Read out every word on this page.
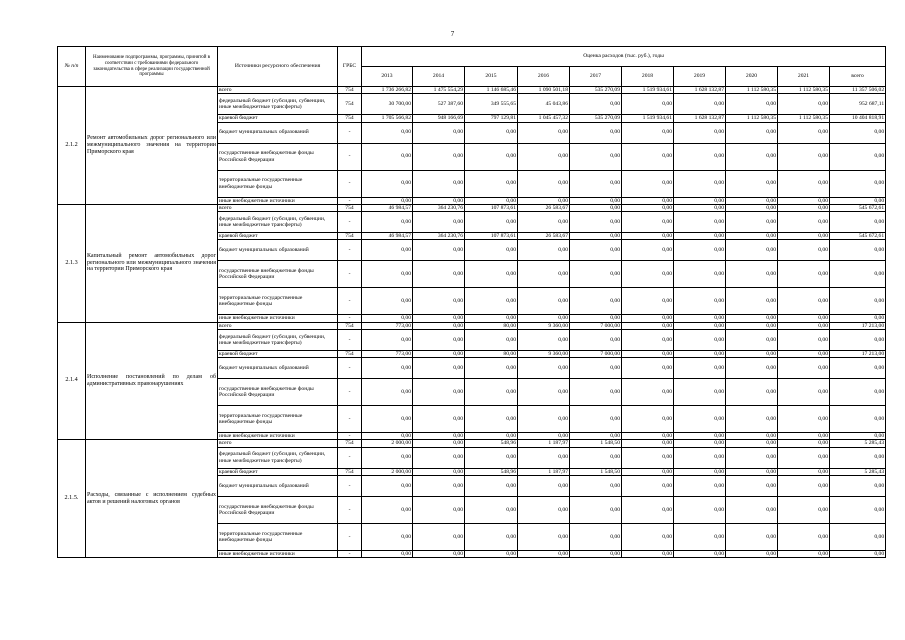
7
№ п/п	Наименование подпрограммы, программы, принятой в соответствии с требованиями федерального законодательства в сфере реализации государственной программы	Источники ресурсного обеспечения	ГРБС	Оценка расходов (тыс. руб.), годы									
				2013	2014	2015	2016	2017	2018	2019	2020	2021	всего
2.1.2	Ремонт автомобильных дорог регионального или межмуниципального значения на территории Приморского края	всего	754	1 736 266,82	1 475 554,29	1 146 685,46	1 090 501,18	535 270,09	1 519 934,61	1 628 132,87	1 112 580,35	1 112 580,35	11 357 506,02
		федеральный бюджет (субсидии, субвенции, иные межбюджетные трансферты)	754	30 700,00	527 387,60	349 555,65	45 043,86	0,00	0,00	0,00	0,00	0,00	952 687,11
		краевой бюджет	754	1 705 566,82	948 166,69	797 129,81	1 045 457,32	535 270,09	1 519 934,61	1 628 132,87	1 112 580,35	1 112 580,35	10 404 818,91
		бюджет муниципальных образований	-	0,00	0,00	0,00	0,00	0,00	0,00	0,00	0,00	0,00	0,00
		государственные внебюджетные фонды Российской Федерации	-	0,00	0,00	0,00	0,00	0,00	0,00	0,00	0,00	0,00	0,00
		территориальные государственные внебюджетные фонды	-	0,00	0,00	0,00	0,00	0,00	0,00	0,00	0,00	0,00	0,00
		иные внебюджетные источники	-	0,00	0,00	0,00	0,00	0,00	0,00	0,00	0,00	0,00	0,00
2.1.3	Капитальный ремонт автомобильных дорог регионального или межмуниципального значения на территории Приморского края	всего	754	46 984,57	364 230,76	107 873,61	26 583,67	0,00	0,00	0,00	0,00	0,00	545 672,61
		федеральный бюджет (субсидии, субвенции, иные межбюджетные трансферты)	-	0,00	0,00	0,00	0,00	0,00	0,00	0,00	0,00	0,00	0,00
		краевой бюджет	754	46 984,57	364 230,76	107 873,61	26 583,67	0,00	0,00	0,00	0,00	0,00	545 672,61
		бюджет муниципальных образований	-	0,00	0,00	0,00	0,00	0,00	0,00	0,00	0,00	0,00	0,00
		государственные внебюджетные фонды Российской Федерации	-	0,00	0,00	0,00	0,00	0,00	0,00	0,00	0,00	0,00	0,00
		территориальные государственные внебюджетные фонды	-	0,00	0,00	0,00	0,00	0,00	0,00	0,00	0,00	0,00	0,00
		иные внебюджетные источники	-	0,00	0,00	0,00	0,00	0,00	0,00	0,00	0,00	0,00	0,00
2.1.4	Исполнение постановлений по делам об административных правонарушениях	всего	754	773,00	0,00	80,00	9 360,00	7 000,00	0,00	0,00	0,00	0,00	17 213,00
		федеральный бюджет (субсидии, субвенции, иные межбюджетные трансферты)	-	0,00	0,00	0,00	0,00	0,00	0,00	0,00	0,00	0,00	0,00
		краевой бюджет	754	773,00	0,00	80,00	9 360,00	7 000,00	0,00	0,00	0,00	0,00	17 213,00
		бюджет муниципальных образований	-	0,00	0,00	0,00	0,00	0,00	0,00	0,00	0,00	0,00	0,00
		государственные внебюджетные фонды Российской Федерации	-	0,00	0,00	0,00	0,00	0,00	0,00	0,00	0,00	0,00	0,00
		территориальные государственные внебюджетные фонды	-	0,00	0,00	0,00	0,00	0,00	0,00	0,00	0,00	0,00	0,00
		иные внебюджетные источники	-	0,00	0,00	0,00	0,00	0,00	0,00	0,00	0,00	0,00	0,00
2.1.5.	Расходы, связанные с исполнением судебных актов и решений налоговых органов	всего	754	2 000,00	0,00	548,96	1 187,97	1 548,50	0,00	0,00	0,00	0,00	5 285,43
		федеральный бюджет (субсидии, субвенции, иные межбюджетные трансферты)	-	0,00	0,00	0,00	0,00	0,00	0,00	0,00	0,00	0,00	0,00
		краевой бюджет	754	2 000,00	0,00	548,96	1 187,97	1 548,50	0,00	0,00	0,00	0,00	5 285,43
		бюджет муниципальных образований	-	0,00	0,00	0,00	0,00	0,00	0,00	0,00	0,00	0,00	0,00
		государственные внебюджетные фонды Российской Федерации	-	0,00	0,00	0,00	0,00	0,00	0,00	0,00	0,00	0,00	0,00
		территориальные государственные внебюджетные фонды	-	0,00	0,00	0,00	0,00	0,00	0,00	0,00	0,00	0,00	0,00
		иные внебюджетные источники	-	0,00	0,00	0,00	0,00	0,00	0,00	0,00	0,00	0,00	0,00
